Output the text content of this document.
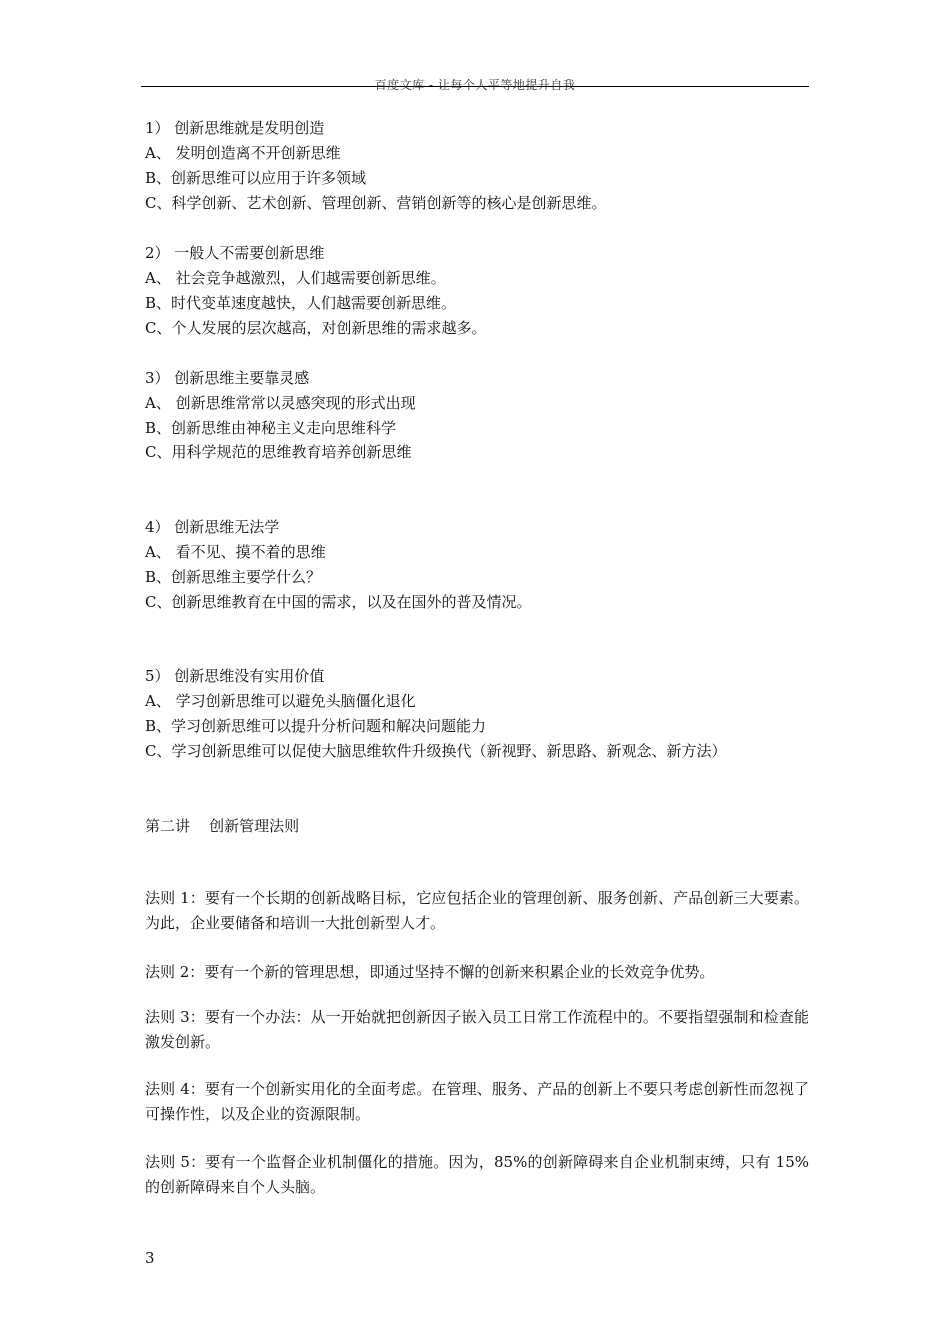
$_{百度文库 - 让每个人平等地提升自我}$
1） 创新思维就是发明创造
A、 发明创造离不开创新思维
B、创新思维可以应用于许多领域
C、科学创新、艺术创新、管理创新、营销创新等的核心是创新思维。
2） 一般人不需要创新思维
A、 社会竞争越激烈，人们越需要创新思维。
B、时代变革速度越快，人们越需要创新思维。
C、个人发展的层次越高，对创新思维的需求越多。
3） 创新思维主要靠灵感
A、 创新思维常常以灵感突现的形式出现
B、创新思维由神秘主义走向思维科学
C、用科学规范的思维教育培养创新思维
4） 创新思维无法学
A、 看不见、摸不着的思维
B、创新思维主要学什么？
C、创新思维教育在中国的需求，以及在国外的普及情况。
5） 创新思维没有实用价值
A、 学习创新思维可以避免头脑僵化退化
B、学习创新思维可以提升分析问题和解决问题能力
C、学习创新思维可以促使大脑思维软件升级换代（新视野、新思路、新观念、新方法）
第二讲    创新管理法则
法则 1：要有一个长期的创新战略目标，它应包括企业的管理创新、服务创新、产品创新三大要素。为此，企业要储备和培训一大批创新型人才。
法则 2：要有一个新的管理思想，即通过坚持不懈的创新来积累企业的长效竞争优势。
法则 3：要有一个办法：从一开始就把创新因子嵌入员工日常工作流程中的。不要指望强制和检查能激发创新。
法则 4：要有一个创新实用化的全面考虑。在管理、服务、产品的创新上不要只考虑创新性而忽视了可操作性，以及企业的资源限制。
法则 5：要有一个监督企业机制僵化的措施。因为，85%的创新障碍来自企业机制束缚，只有 15%的创新障碍来自个人头脑。
3
